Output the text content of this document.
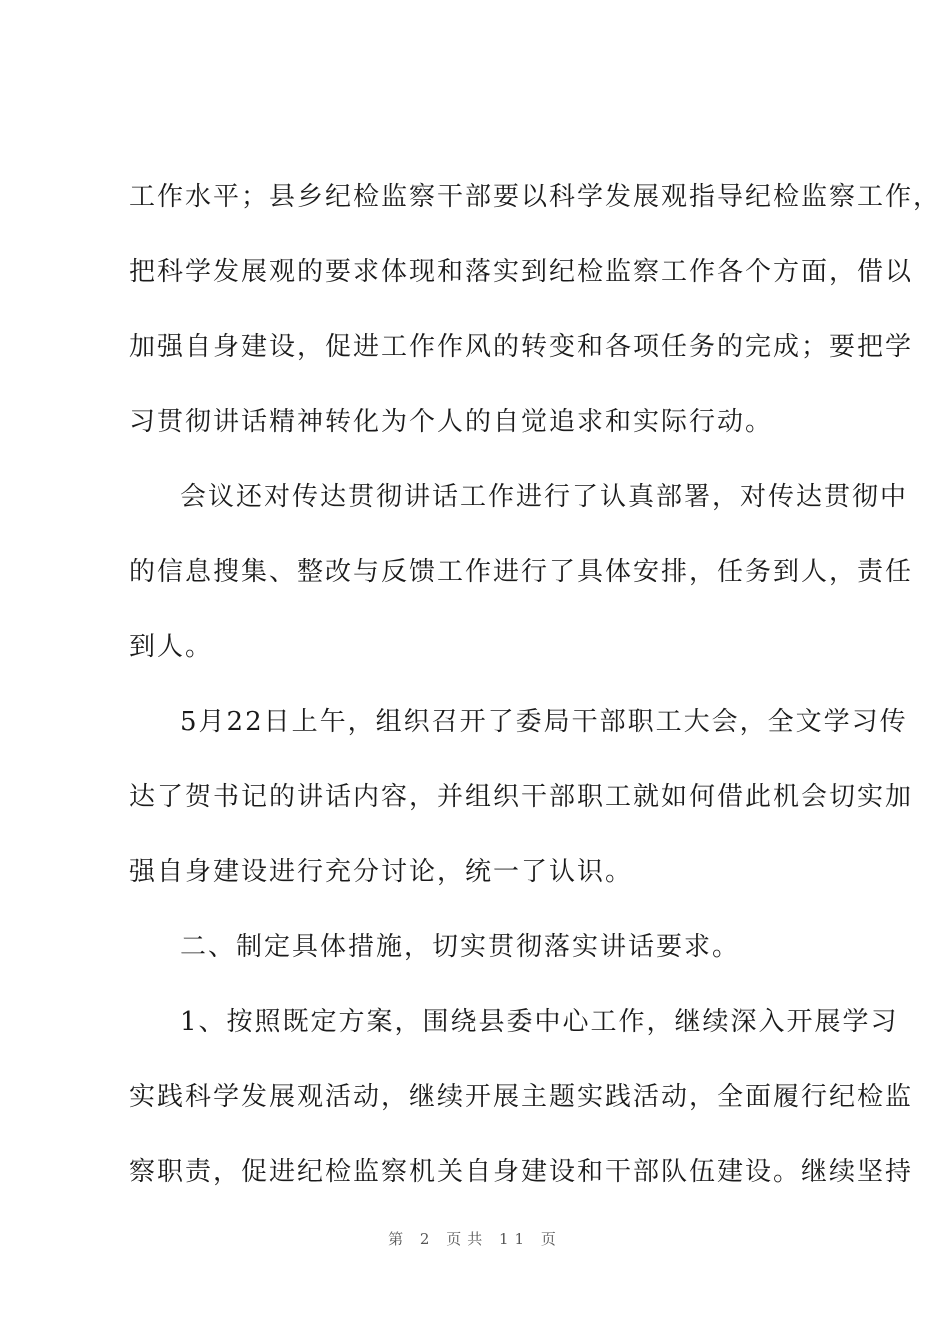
工作水平；县乡纪检监察干部要以科学发展观指导纪检监察工作，
把科学发展观的要求体现和落实到纪检监察工作各个方面，借以
加强自身建设，促进工作作风的转变和各项任务的完成；要把学
习贯彻讲话精神转化为个人的自觉追求和实际行动。
　会议还对传达贯彻讲话工作进行了认真部署，对传达贯彻中
的信息搜集、整改与反馈工作进行了具体安排，任务到人，责任
到人。
　5月22日上午，组织召开了委局干部职工大会，全文学习传
达了贺书记的讲话内容，并组织干部职工就如何借此机会切实加
强自身建设进行充分讨论，统一了认识。
　二、制定具体措施，切实贯彻落实讲话要求。
　1、按照既定方案，围绕县委中心工作，继续深入开展学习
实践科学发展观活动，继续开展主题实践活动，全面履行纪检监
察职责，促进纪检监察机关自身建设和干部队伍建设。继续坚持
第 2 页共 11 页
